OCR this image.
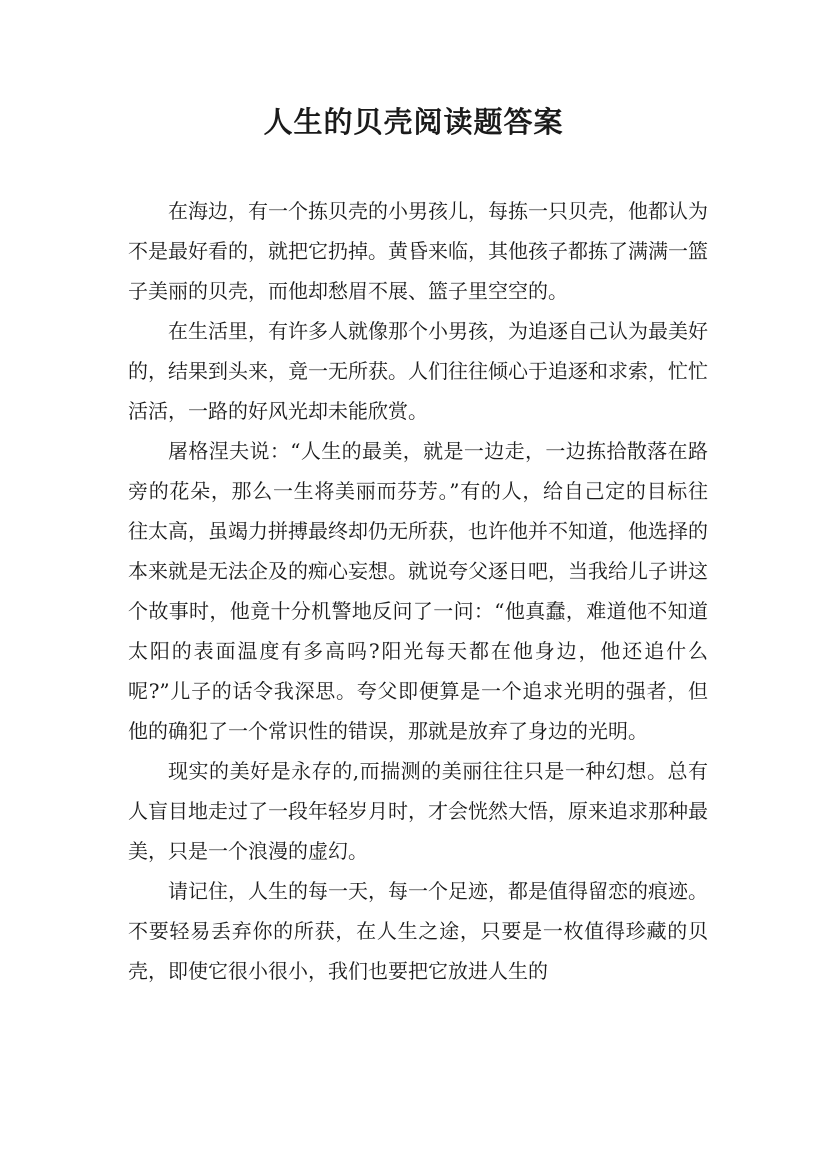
人生的贝壳阅读题答案

在海边，有一个拣贝壳的小男孩儿，每拣一只贝壳，他都认为不是最好看的，就把它扔掉。黄昏来临，其他孩子都拣了满满一篮子美丽的贝壳，而他却愁眉不展、篮子里空空的。

在生活里，有许多人就像那个小男孩，为追逐自己认为最美好的，结果到头来，竟一无所获。人们往往倾心于追逐和求索，忙忙活活，一路的好风光却未能欣赏。

屠格涅夫说：“人生的最美，就是一边走，一边拣拾散落在路旁的花朵，那么一生将美丽而芬芳。”有的人，给自己定的目标往往太高，虽竭力拼搏最终却仍无所获，也许他并不知道，他选择的本来就是无法企及的痴心妄想。就说夸父逐日吧，当我给儿子讲这个故事时，他竟十分机警地反问了一问：“他真蠢，难道他不知道太阳的表面温度有多高吗?阳光每天都在他身边，他还追什么呢?”儿子的话令我深思。夸父即便算是一个追求光明的强者，但他的确犯了一个常识性的错误，那就是放弃了身边的光明。

现实的美好是永存的,而揣测的美丽往往只是一种幻想。总有人盲目地走过了一段年轻岁月时，才会恍然大悟，原来追求那种最美，只是一个浪漫的虚幻。

请记住，人生的每一天，每一个足迹，都是值得留恋的痕迹。不要轻易丢弃你的所获，在人生之途，只要是一枚值得珍藏的贝壳，即使它很小很小，我们也要把它放进人生的
